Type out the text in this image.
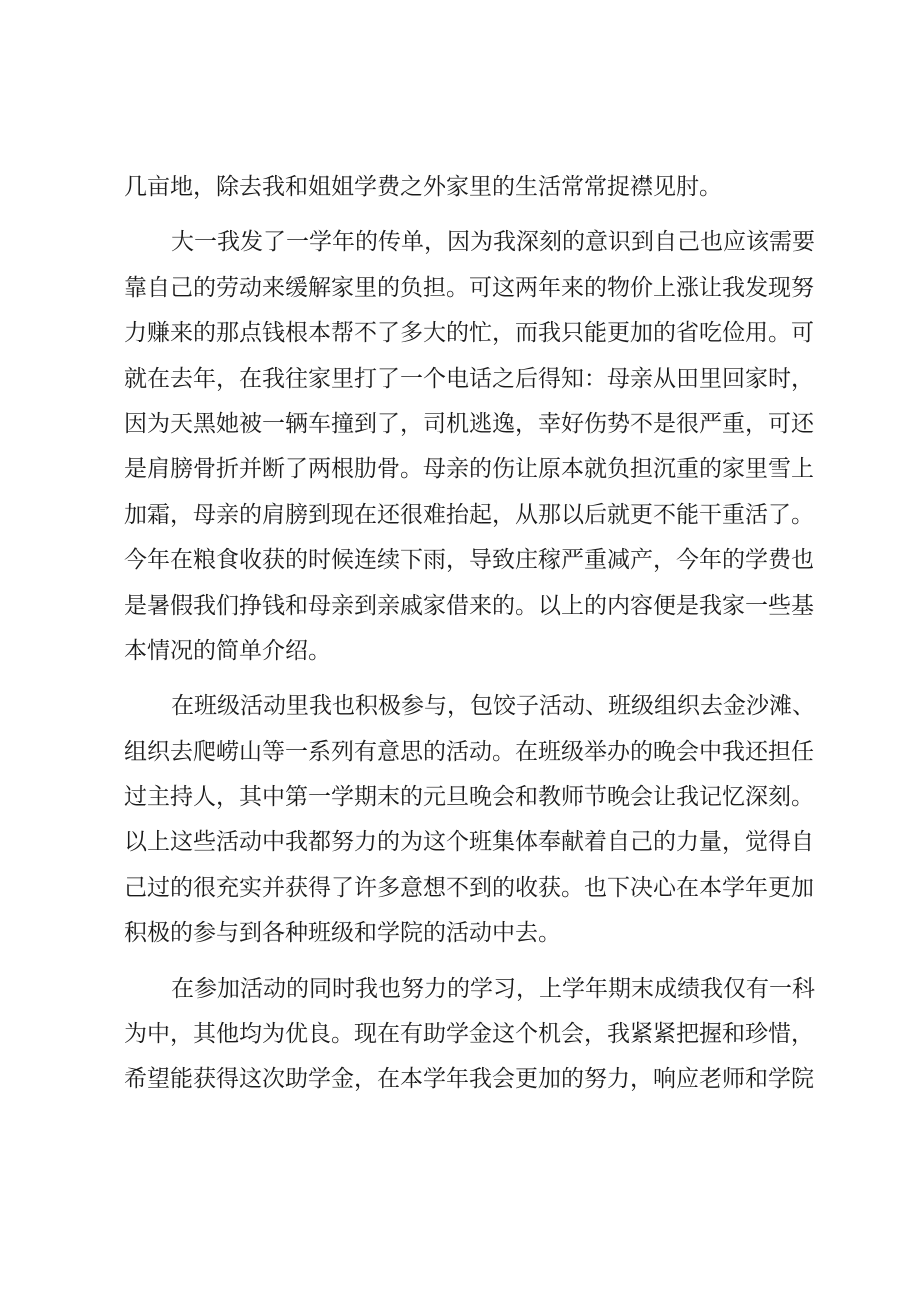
几亩地，除去我和姐姐学费之外家里的生活常常捉襟见肘。
大一我发了一学年的传单，因为我深刻的意识到自己也应该需要
靠自己的劳动来缓解家里的负担。可这两年来的物价上涨让我发现努
力赚来的那点钱根本帮不了多大的忙，而我只能更加的省吃俭用。可
就在去年，在我往家里打了一个电话之后得知：母亲从田里回家时，
因为天黑她被一辆车撞到了，司机逃逸，幸好伤势不是很严重，可还
是肩膀骨折并断了两根肋骨。母亲的伤让原本就负担沉重的家里雪上
加霜，母亲的肩膀到现在还很难抬起，从那以后就更不能干重活了。
今年在粮食收获的时候连续下雨，导致庄稼严重减产，今年的学费也
是暑假我们挣钱和母亲到亲戚家借来的。以上的内容便是我家一些基
本情况的简单介绍。
在班级活动里我也积极参与，包饺子活动、班级组织去金沙滩、
组织去爬崂山等一系列有意思的活动。在班级举办的晚会中我还担任
过主持人，其中第一学期末的元旦晚会和教师节晚会让我记忆深刻。
以上这些活动中我都努力的为这个班集体奉献着自己的力量，觉得自
己过的很充实并获得了许多意想不到的收获。也下决心在本学年更加
积极的参与到各种班级和学院的活动中去。
在参加活动的同时我也努力的学习，上学年期末成绩我仅有一科
为中，其他均为优良。现在有助学金这个机会，我紧紧把握和珍惜，
希望能获得这次助学金，在本学年我会更加的努力，响应老师和学院
